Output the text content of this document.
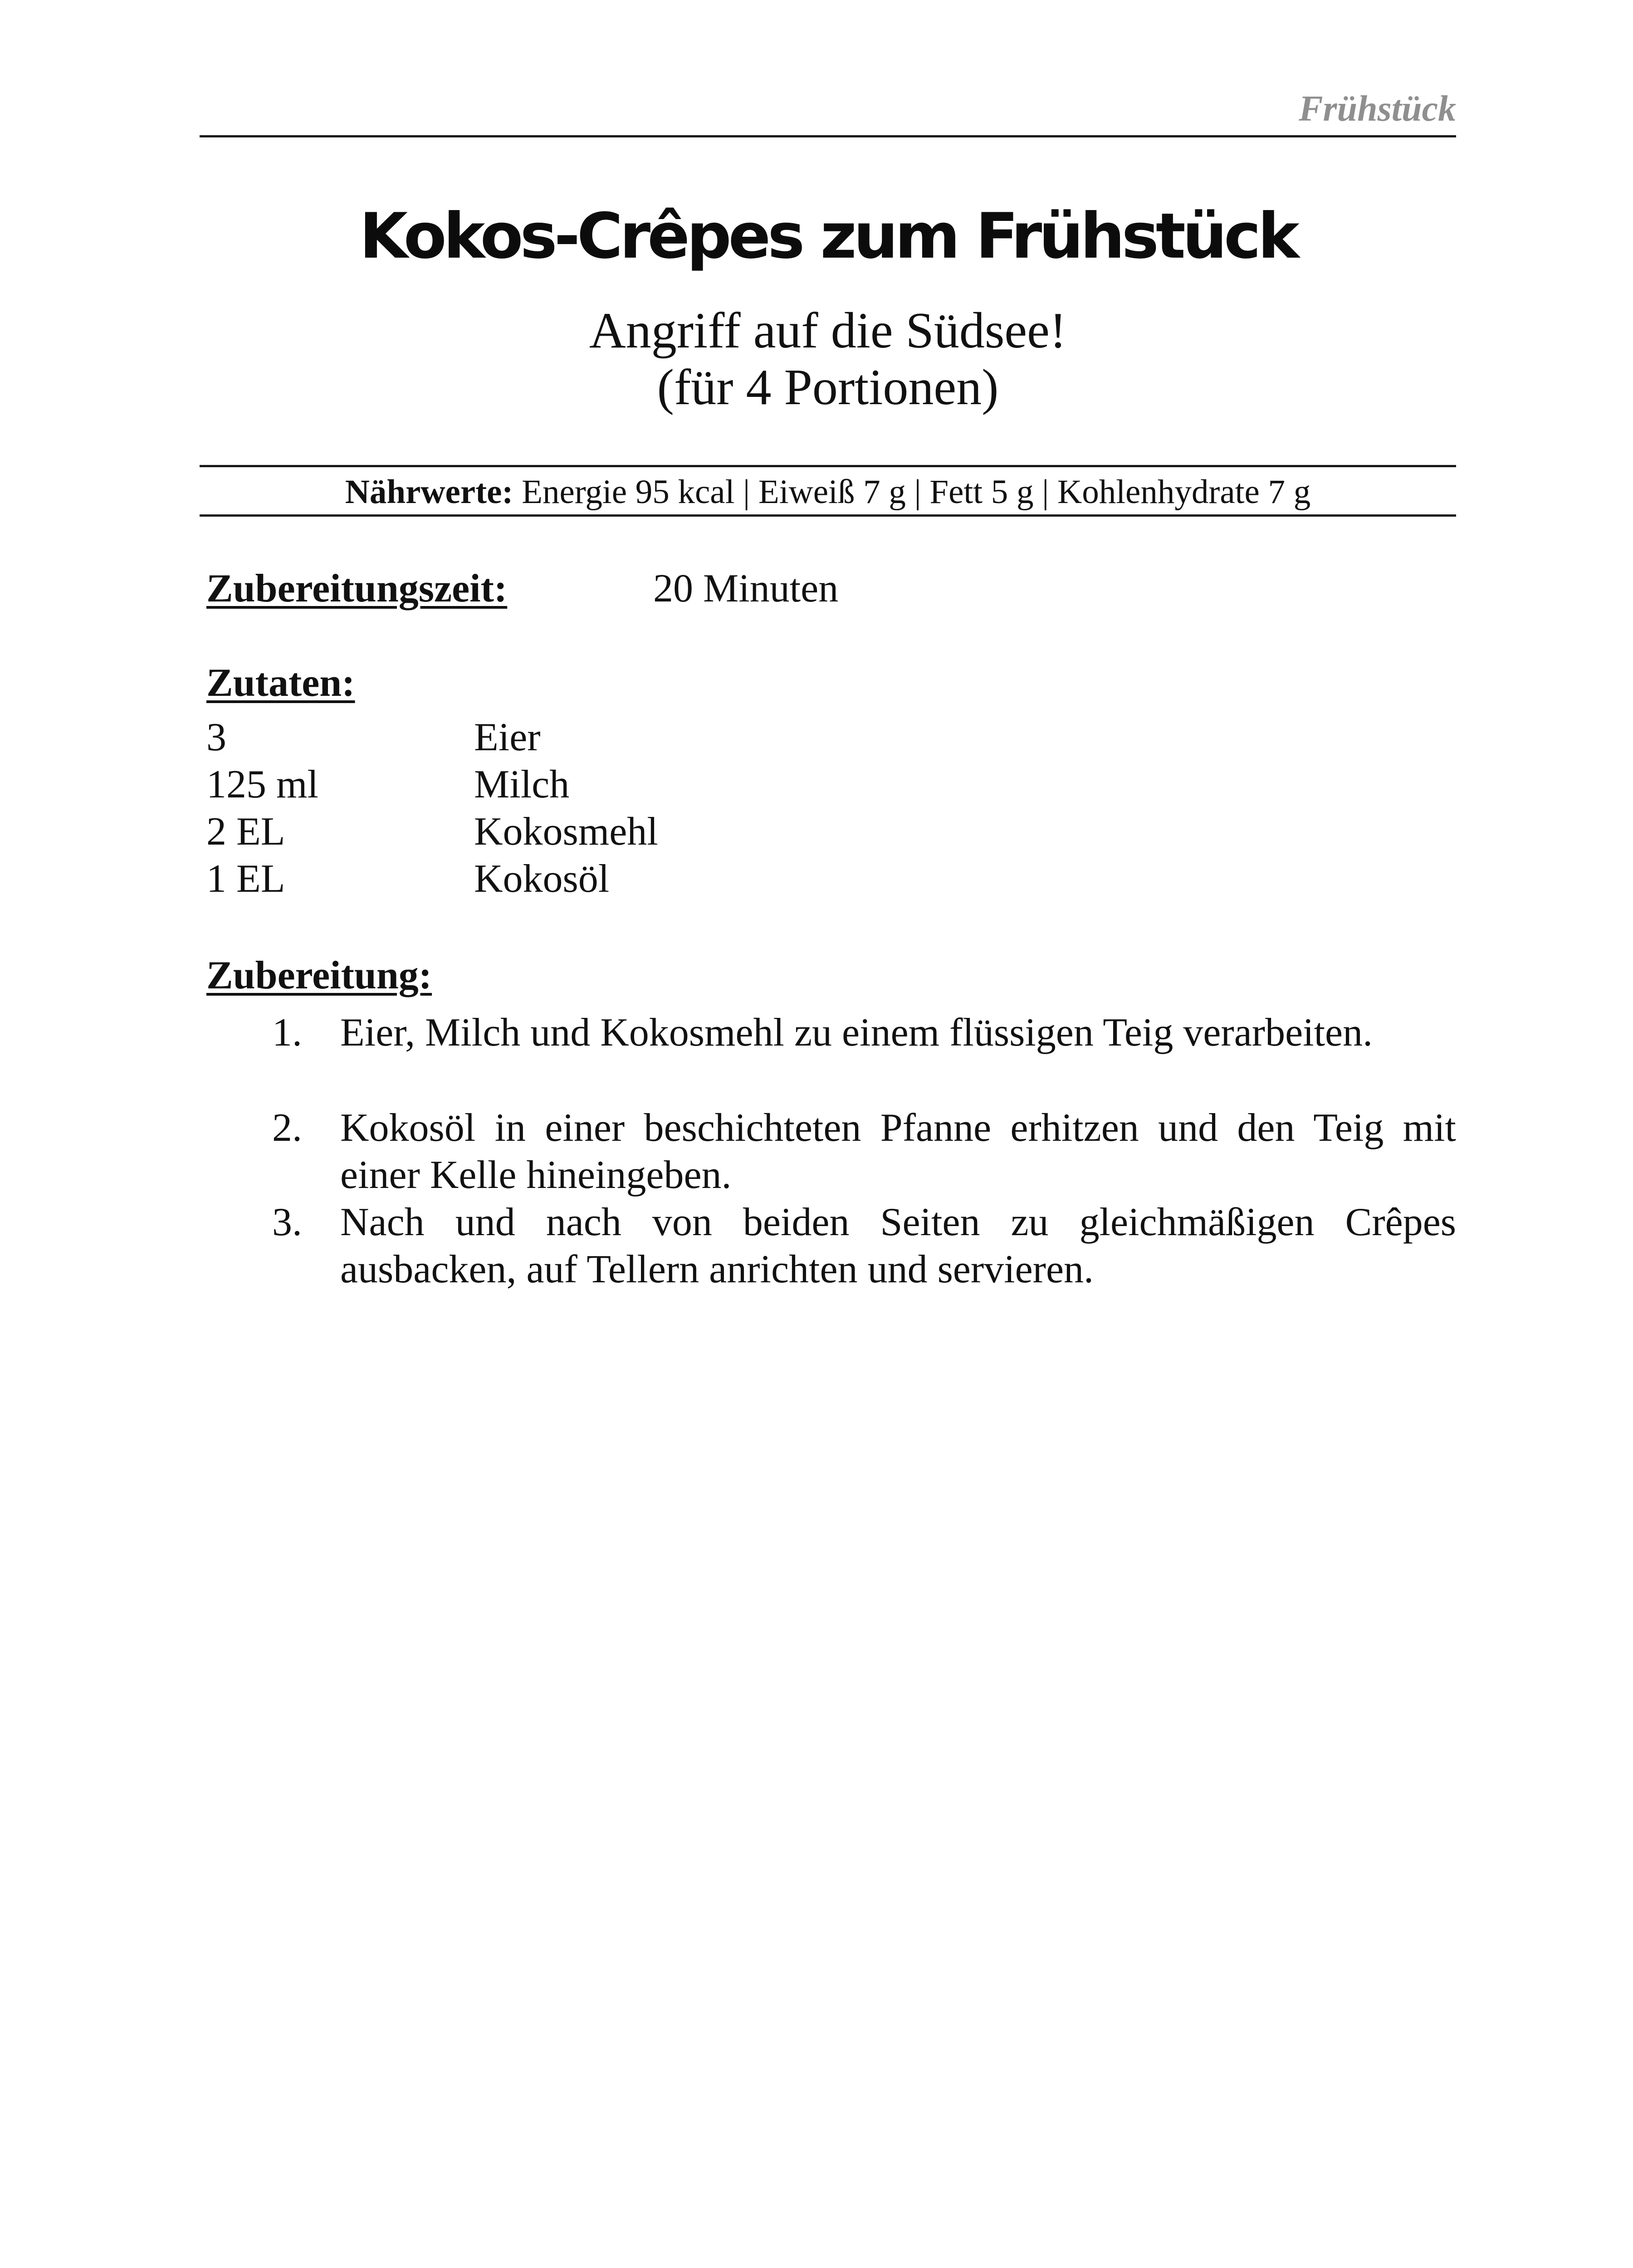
Frühstück
Kokos-Crêpes zum Frühstück
Angriff auf die Südsee!
(für 4 Portionen)
Nährwerte: Energie 95 kcal | Eiweiß 7 g | Fett 5 g | Kohlenhydrate 7 g
Zubereitungszeit:	20 Minuten
Zutaten:
3	Eier
125 ml	Milch
2 EL	Kokosmehl
1 EL	Kokosöl
Zubereitung:
1. Eier, Milch und Kokosmehl zu einem flüssigen Teig verarbeiten.
2. Kokosöl in einer beschichteten Pfanne erhitzen und den Teig mit einer Kelle hineingeben.
3. Nach und nach von beiden Seiten zu gleichmäßigen Crêpes ausbacken, auf Tellern anrichten und servieren.
